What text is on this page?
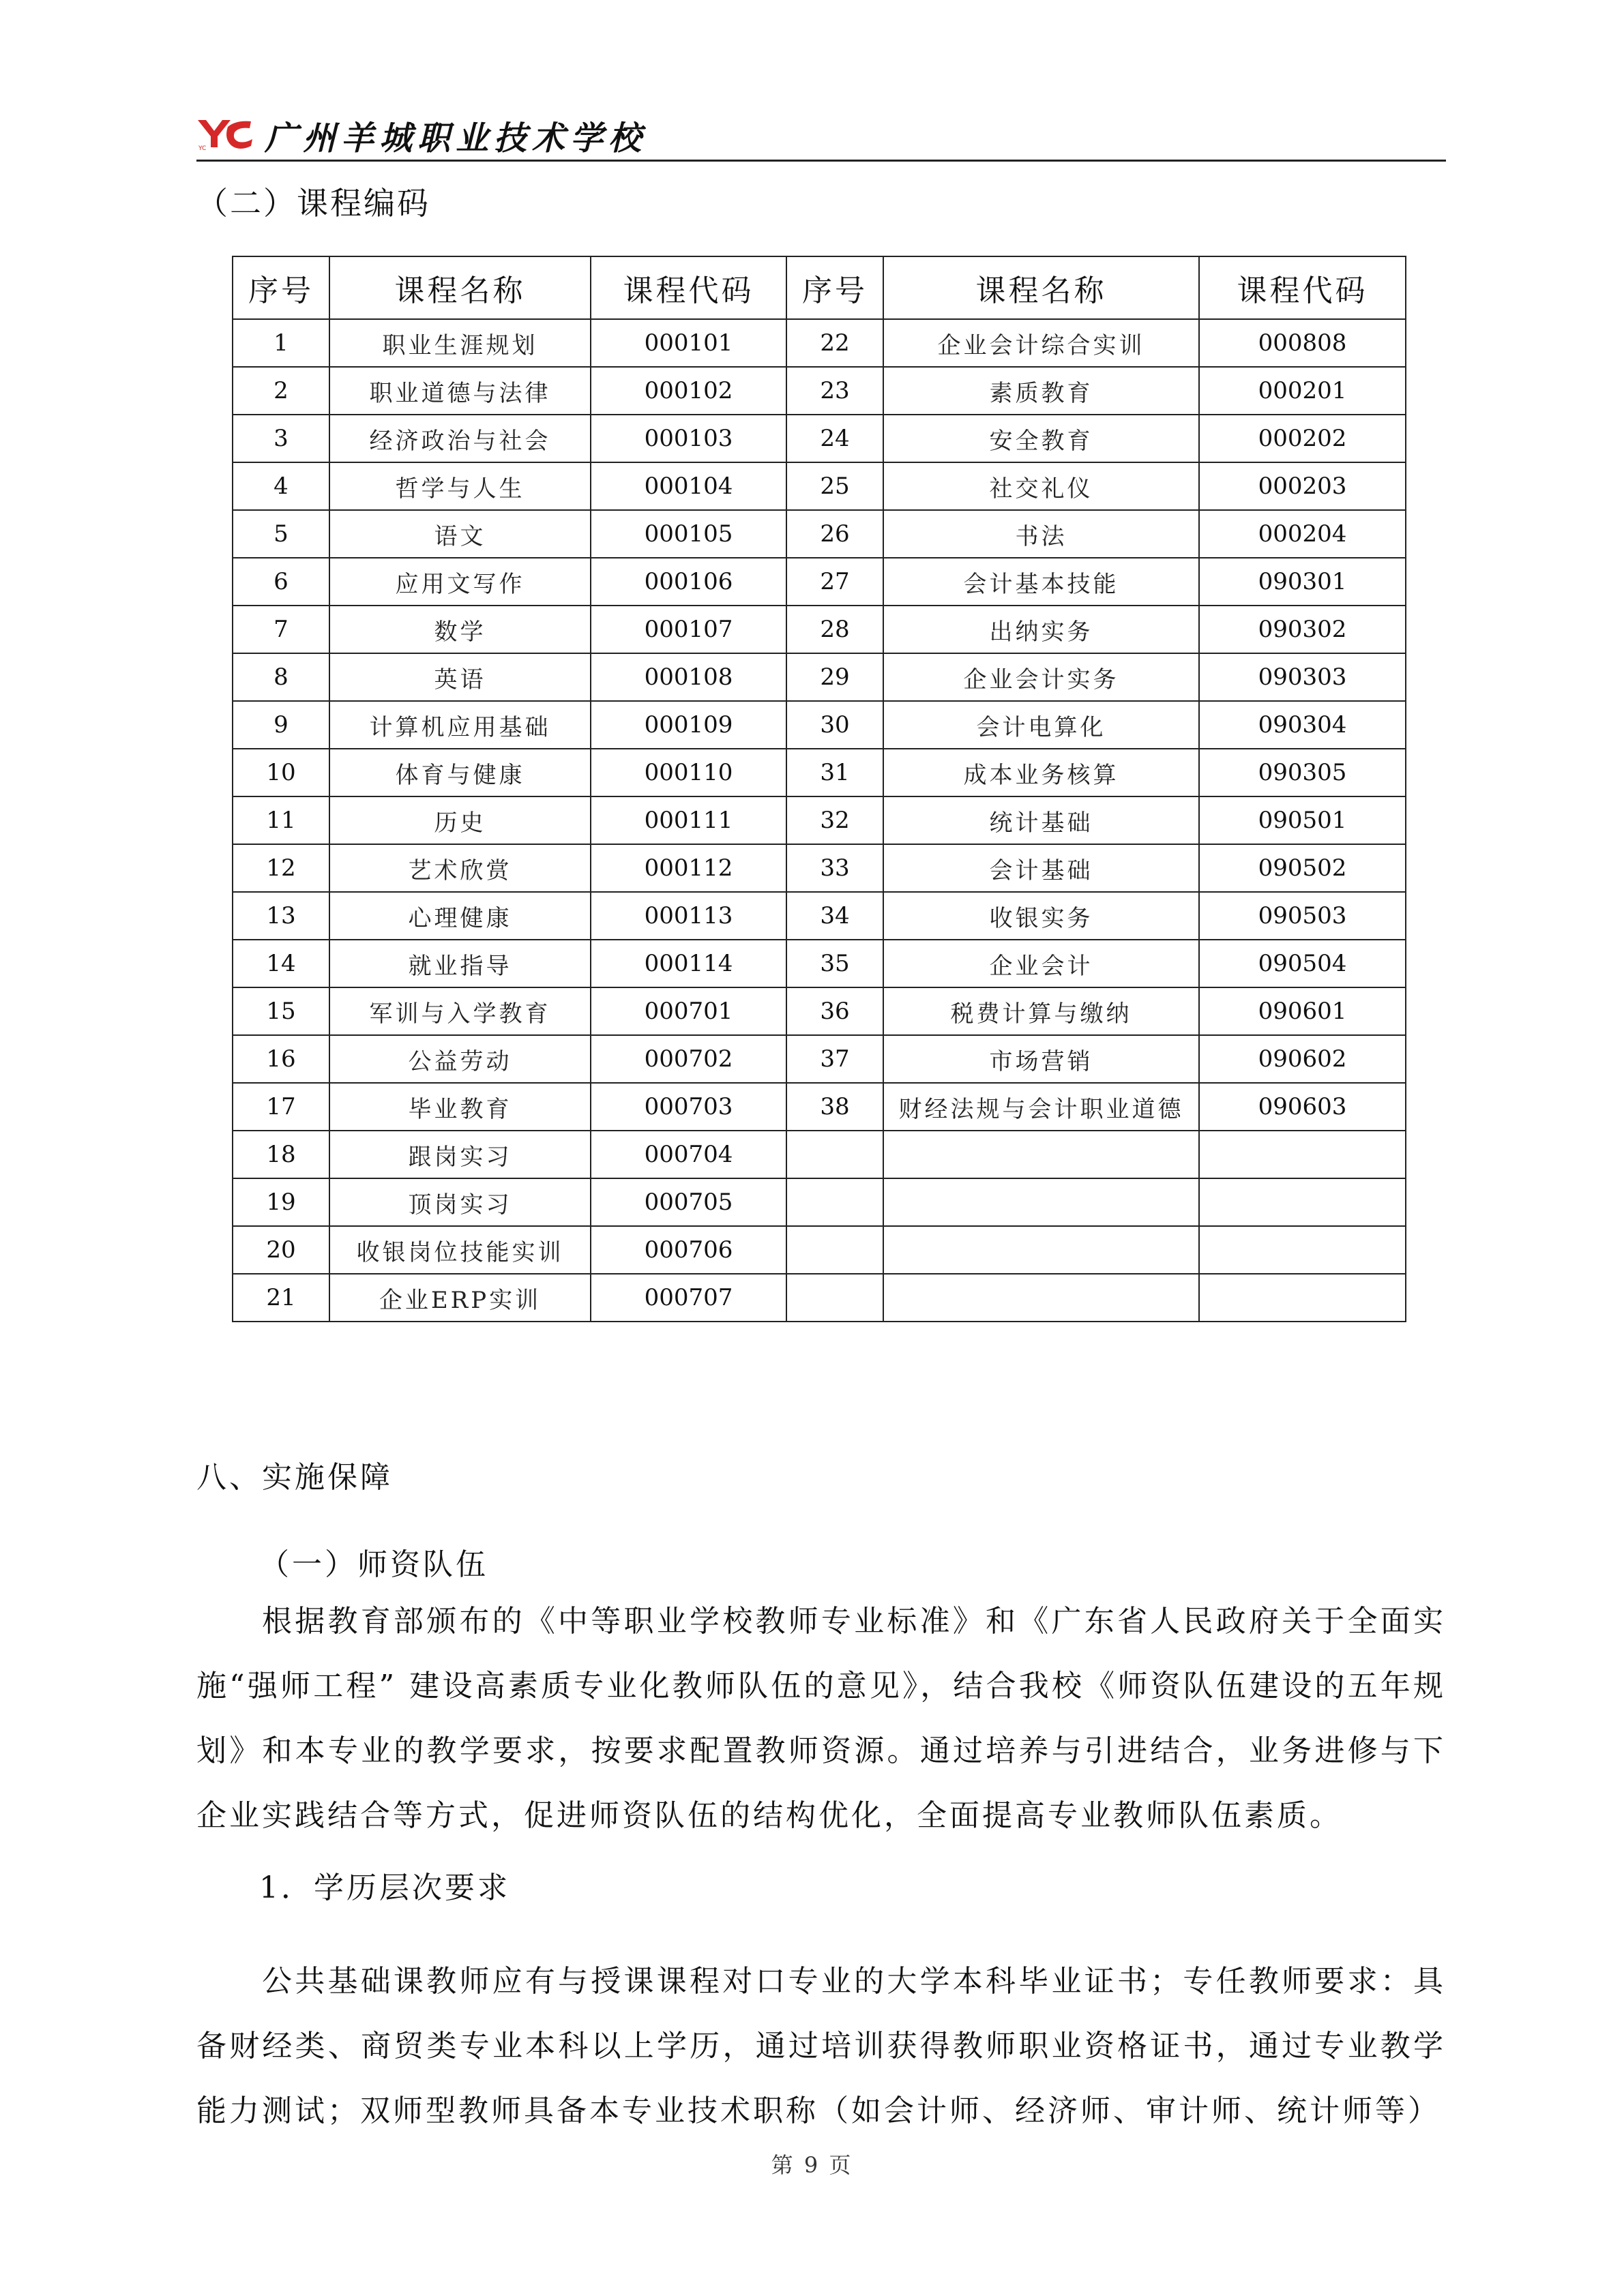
YC 广州羊城职业技术学校
（二）课程编码
序号	课程名称	课程代码	序号	课程名称	课程代码
1	职业生涯规划	000101	22	企业会计综合实训	000808
2	职业道德与法律	000102	23	素质教育	000201
3	经济政治与社会	000103	24	安全教育	000202
4	哲学与人生	000104	25	社交礼仪	000203
5	语文	000105	26	书法	000204
6	应用文写作	000106	27	会计基本技能	090301
7	数学	000107	28	出纳实务	090302
8	英语	000108	29	企业会计实务	090303
9	计算机应用基础	000109	30	会计电算化	090304
10	体育与健康	000110	31	成本业务核算	090305
11	历史	000111	32	统计基础	090501
12	艺术欣赏	000112	33	会计基础	090502
13	心理健康	000113	34	收银实务	090503
14	就业指导	000114	35	企业会计	090504
15	军训与入学教育	000701	36	税费计算与缴纳	090601
16	公益劳动	000702	37	市场营销	090602
17	毕业教育	000703	38	财经法规与会计职业道德	090603
18	跟岗实习	000704			
19	顶岗实习	000705			
20	收银岗位技能实训	000706			
21	企业ERP实训	000707			
八、实施保障
（一）师资队伍

根据教育部颁布的《中等职业学校教师专业标准》和《广东省人民政府关于全面实施“强师工程” 建设高素质专业化教师队伍的意见》，结合我校《师资队伍建设的五年规划》和本专业的教学要求，按要求配置教师资源。通过培养与引进结合，业务进修与下企业实践结合等方式，促进师资队伍的结构优化，全面提高专业教师队伍素质。

1．学历层次要求

公共基础课教师应有与授课课程对口专业的大学本科毕业证书；专任教师要求：具备财经类、商贸类专业本科以上学历，通过培训获得教师职业资格证书，通过专业教学能力测试；双师型教师具备本专业技术职称（如会计师、经济师、审计师、统计师等）

第 9 页
